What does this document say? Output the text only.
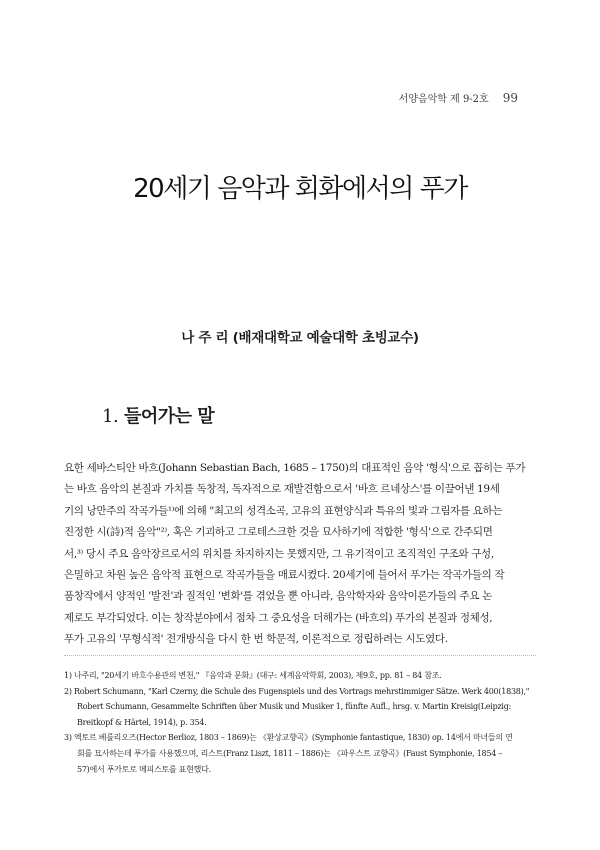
서양음악학 제 9-2호 99
20세기 음악과 회화에서의 푸가
나 주 리 (배재대학교 예술대학 초빙교수)
1. 들어가는 말
요한 세바스티안 바흐(Johann Sebastian Bach, 1685 – 1750)의 대표적인 음악 '형식'으로 꼽히는 푸가
는 바흐 음악의 본질과 가치를 독창적, 독자적으로 재발견함으로서 '바흐 르네상스'를 이끌어낸 19세
기의 낭만주의 작곡가들¹⁾에 의해 "최고의 성격소곡, 고유의 표현양식과 특유의 빛과 그림자를 요하는
진정한 시(詩)적 음악"²⁾, 혹은 기괴하고 그로테스크한 것을 묘사하기에 적합한 '형식'으로 간주되면
서,³⁾ 당시 주요 음악장르로서의 위치를 차지하지는 못했지만, 그 유기적이고 조직적인 구조와 구성,
은밀하고 차원 높은 음악적 표현으로 작곡가들을 매료시켰다. 20세기에 들어서 푸가는 작곡가들의 작
품창작에서 양적인 '발전'과 질적인 '변화'를 겪었을 뿐 아니라, 음악학자와 음악이론가들의 주요 논
제로도 부각되었다. 이는 창작분야에서 점차 그 중요성을 더해가는 (바흐의) 푸가의 본질과 정체성,
푸가 고유의 '무형식적' 전개방식을 다시 한 번 학문적, 이론적으로 정립하려는 시도였다.
1) 나주리, "20세기 바흐수용관의 변천," 『음악과 문화』(대구: 세계음악학회, 2003), 제9호, pp. 81 – 84 참조.
2) Robert Schumann, "Karl Czerny, die Schule des Fugenspiels und des Vortrags mehrstimmiger Sätze. Werk 400(1838),"
Robert Schumann, Gesammelte Schriften über Musik und Musiker 1, fünfte Aufl., hrsg. v. Martin Kreisig(Leipzig:
Breitkopf & Härtel, 1914), p. 354.
3) 엑토르 베를리오즈(Hector Berlioz, 1803 – 1869)는 《환상교향곡》(Symphonie fantastique, 1830) op. 14에서 마녀들의 연
회를 묘사하는데 푸가를 사용했으며, 리스트(Franz Liszt, 1811 – 1886)는 《파우스트 교향곡》(Faust Symphonie, 1854 –
57)에서 푸가토로 메피스토를 표현했다.
